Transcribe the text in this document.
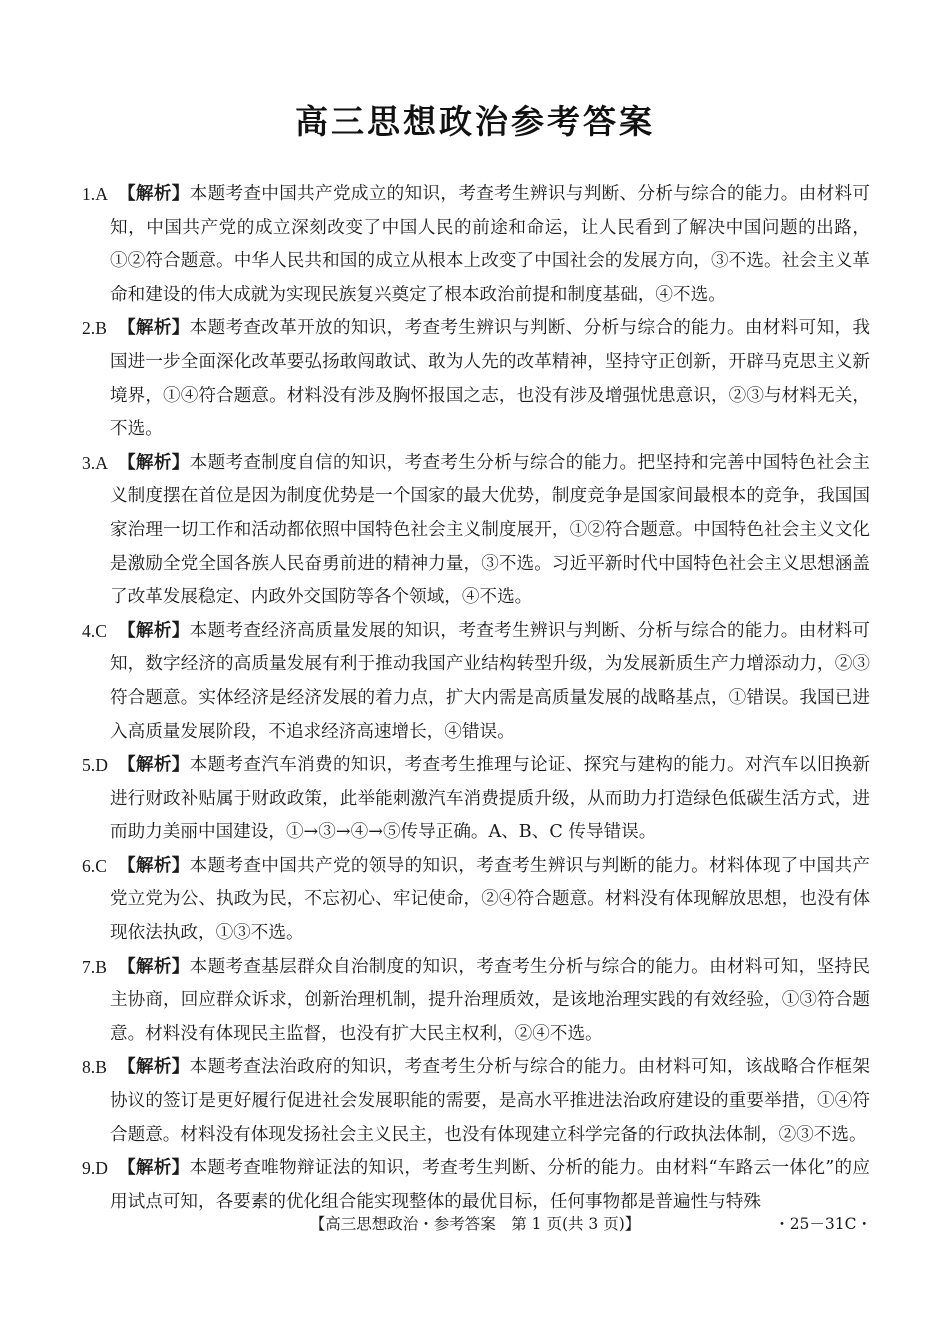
高三思想政治参考答案
1.A 【解析】本题考查中国共产党成立的知识，考查考生辨识与判断、分析与综合的能力。由材料可知，中国共产党的成立深刻改变了中国人民的前途和命运，让人民看到了解决中国问题的出路，①②符合题意。中华人民共和国的成立从根本上改变了中国社会的发展方向，③不选。社会主义革命和建设的伟大成就为实现民族复兴奠定了根本政治前提和制度基础，④不选。
2.B 【解析】本题考查改革开放的知识，考查考生辨识与判断、分析与综合的能力。由材料可知，我国进一步全面深化改革要弘扬敢闯敢试、敢为人先的改革精神，坚持守正创新，开辟马克思主义新境界，①④符合题意。材料没有涉及胸怀报国之志，也没有涉及增强忧患意识，②③与材料无关，不选。
3.A 【解析】本题考查制度自信的知识，考查考生分析与综合的能力。把坚持和完善中国特色社会主义制度摆在首位是因为制度优势是一个国家的最大优势，制度竞争是国家间最根本的竞争，我国国家治理一切工作和活动都依照中国特色社会主义制度展开，①②符合题意。中国特色社会主义文化是激励全党全国各族人民奋勇前进的精神力量，③不选。习近平新时代中国特色社会主义思想涵盖了改革发展稳定、内政外交国防等各个领域，④不选。
4.C 【解析】本题考查经济高质量发展的知识，考查考生辨识与判断、分析与综合的能力。由材料可知，数字经济的高质量发展有利于推动我国产业结构转型升级，为发展新质生产力增添动力，②③符合题意。实体经济是经济发展的着力点，扩大内需是高质量发展的战略基点，①错误。我国已进入高质量发展阶段，不追求经济高速增长，④错误。
5.D 【解析】本题考查汽车消费的知识，考查考生推理与论证、探究与建构的能力。对汽车以旧换新进行财政补贴属于财政政策，此举能刺激汽车消费提质升级，从而助力打造绿色低碳生活方式，进而助力美丽中国建设，①→③→④→⑤传导正确。A、B、C 传导错误。
6.C 【解析】本题考查中国共产党的领导的知识，考查考生辨识与判断的能力。材料体现了中国共产党立党为公、执政为民，不忘初心、牢记使命，②④符合题意。材料没有体现解放思想，也没有体现依法执政，①③不选。
7.B 【解析】本题考查基层群众自治制度的知识，考查考生分析与综合的能力。由材料可知，坚持民主协商，回应群众诉求，创新治理机制，提升治理质效，是该地治理实践的有效经验，①③符合题意。材料没有体现民主监督，也没有扩大民主权利，②④不选。
8.B 【解析】本题考查法治政府的知识，考查考生分析与综合的能力。由材料可知，该战略合作框架协议的签订是更好履行促进社会发展职能的需要，是高水平推进法治政府建设的重要举措，①④符合题意。材料没有体现发扬社会主义民主，也没有体现建立科学完备的行政执法体制，②③不选。
9.D 【解析】本题考查唯物辩证法的知识，考查考生判断、分析的能力。由材料“车路云一体化”的应用试点可知，各要素的优化组合能实现整体的最优目标，任何事物都是普遍性与特殊
【高三思想政治・参考答案　第 1 页(共 3 页)】	・25－31C・
